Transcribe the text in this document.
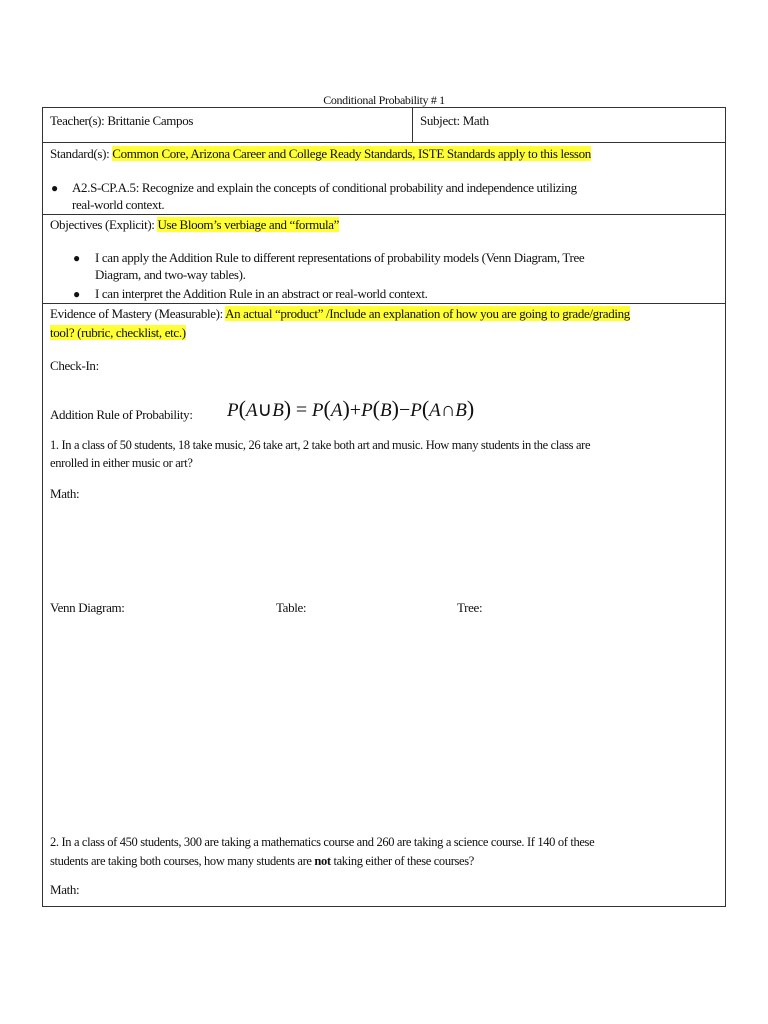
Conditional Probability # 1
Teacher(s): Brittanie Campos	Subject: Math
Standard(s): Common Core, Arizona Career and College Ready Standards, ISTE Standards apply to this lesson
● A2.S-CP.A.5: Recognize and explain the concepts of conditional probability and independence utilizing
real-world context.
Objectives (Explicit): Use Bloom’s verbiage and “formula”
● I can apply the Addition Rule to different representations of probability models (Venn Diagram, Tree
Diagram, and two-way tables).
● I can interpret the Addition Rule in an abstract or real-world context.
Evidence of Mastery (Measurable): An actual “product” /Include an explanation of how you are going to grade/grading
tool? (rubric, checklist, etc.)
Check-In:
Addition Rule of Probability: P(A∪B) = P(A)+P(B)−P(A∩B)
1. In a class of 50 students, 18 take music, 26 take art, 2 take both art and music. How many students in the class are
enrolled in either music or art?
Math:
Venn Diagram:	Table:	Tree:
2. In a class of 450 students, 300 are taking a mathematics course and 260 are taking a science course. If 140 of these
students are taking both courses, how many students are not taking either of these courses?
Math:
